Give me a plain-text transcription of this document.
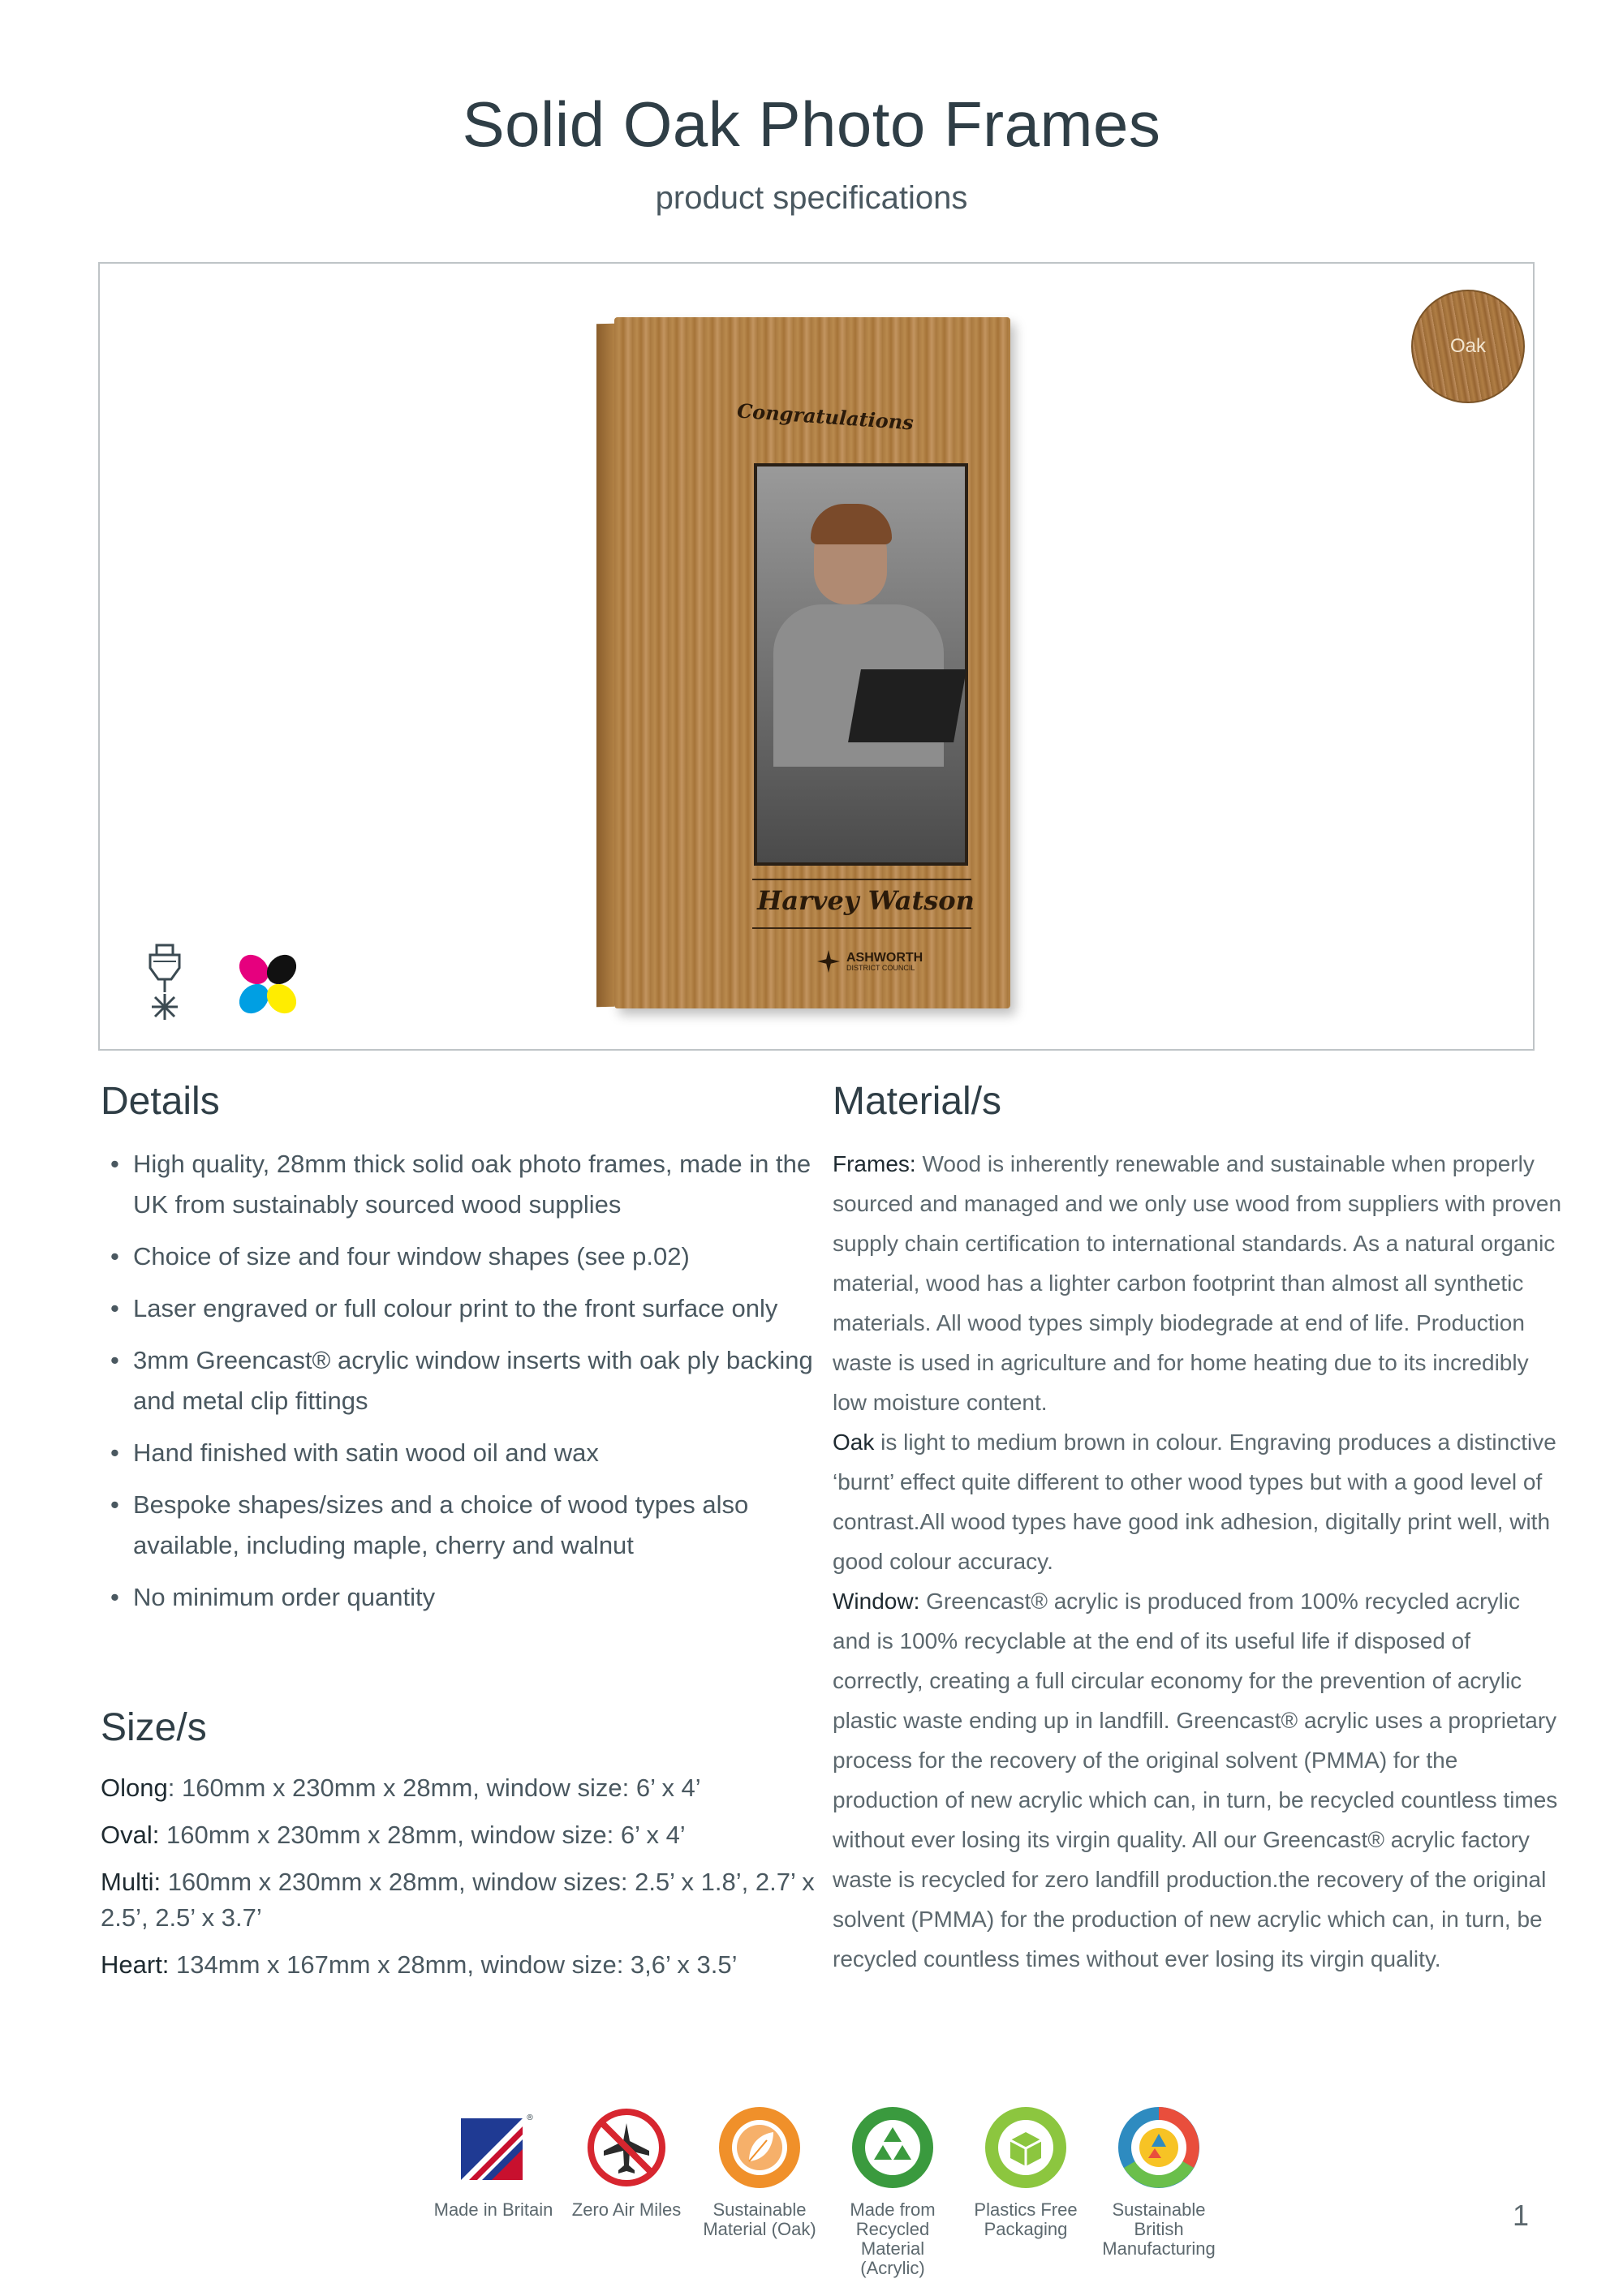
Solid Oak Photo Frames
product specifications
Congratulations
Harvey Watson
ASHWORTH
DISTRICT COUNCIL
Oak
Details
• High quality, 28mm thick solid oak photo frames, made in the UK from sustainably sourced wood supplies
• Choice of size and four window shapes (see p.02)
• Laser engraved or full colour print to the front surface only
• 3mm Greencast® acrylic window inserts with oak ply backing and metal clip fittings
• Hand finished with satin wood oil and wax
• Bespoke shapes/sizes and a choice of wood types also available, including maple, cherry and walnut
• No minimum order quantity
Size/s
Olong: 160mm x 230mm x 28mm, window size: 6’ x 4’
Oval: 160mm x 230mm x 28mm, window size: 6’ x 4’
Multi: 160mm x 230mm x 28mm, window sizes: 2.5’ x 1.8’, 2.7’ x 2.5’, 2.5’ x 3.7’
Heart: 134mm x 167mm x 28mm, window size: 3,6’ x 3.5’
Material/s

Frames: Wood is inherently renewable and sustainable when properly sourced and managed and we only use wood from suppliers with proven supply chain certification to international standards. As a natural organic material, wood has a lighter carbon footprint than almost all synthetic materials. All wood types simply biodegrade at end of life. Production waste is used in agriculture and for home heating due to its incredibly low moisture content.

Oak is light to medium brown in colour. Engraving produces a distinctive ‘burnt’ effect quite different to other wood types but with a good level of contrast.All wood types have good ink adhesion, digitally print well, with good colour accuracy.

Window: Greencast® acrylic is produced from 100% recycled acrylic and is 100% recyclable at the end of its useful life if disposed of correctly, creating a full circular economy for the prevention of acrylic plastic waste ending up in landfill. Greencast® acrylic uses a proprietary process for the recovery of the original solvent (PMMA) for the production of new acrylic which can, in turn, be recycled countless times without ever losing its virgin quality. All our Greencast® acrylic factory waste is recycled for zero landfill production.the recovery of the original solvent (PMMA) for the production of new acrylic which can, in turn, be recycled countless times without ever losing its virgin quality.

®
Made in Britain	Zero Air Miles	Sustainable Material (Oak)
Made from Recycled Material (Acrylic)
Plastics Free Packaging
Sustainable British Manufacturing
1
